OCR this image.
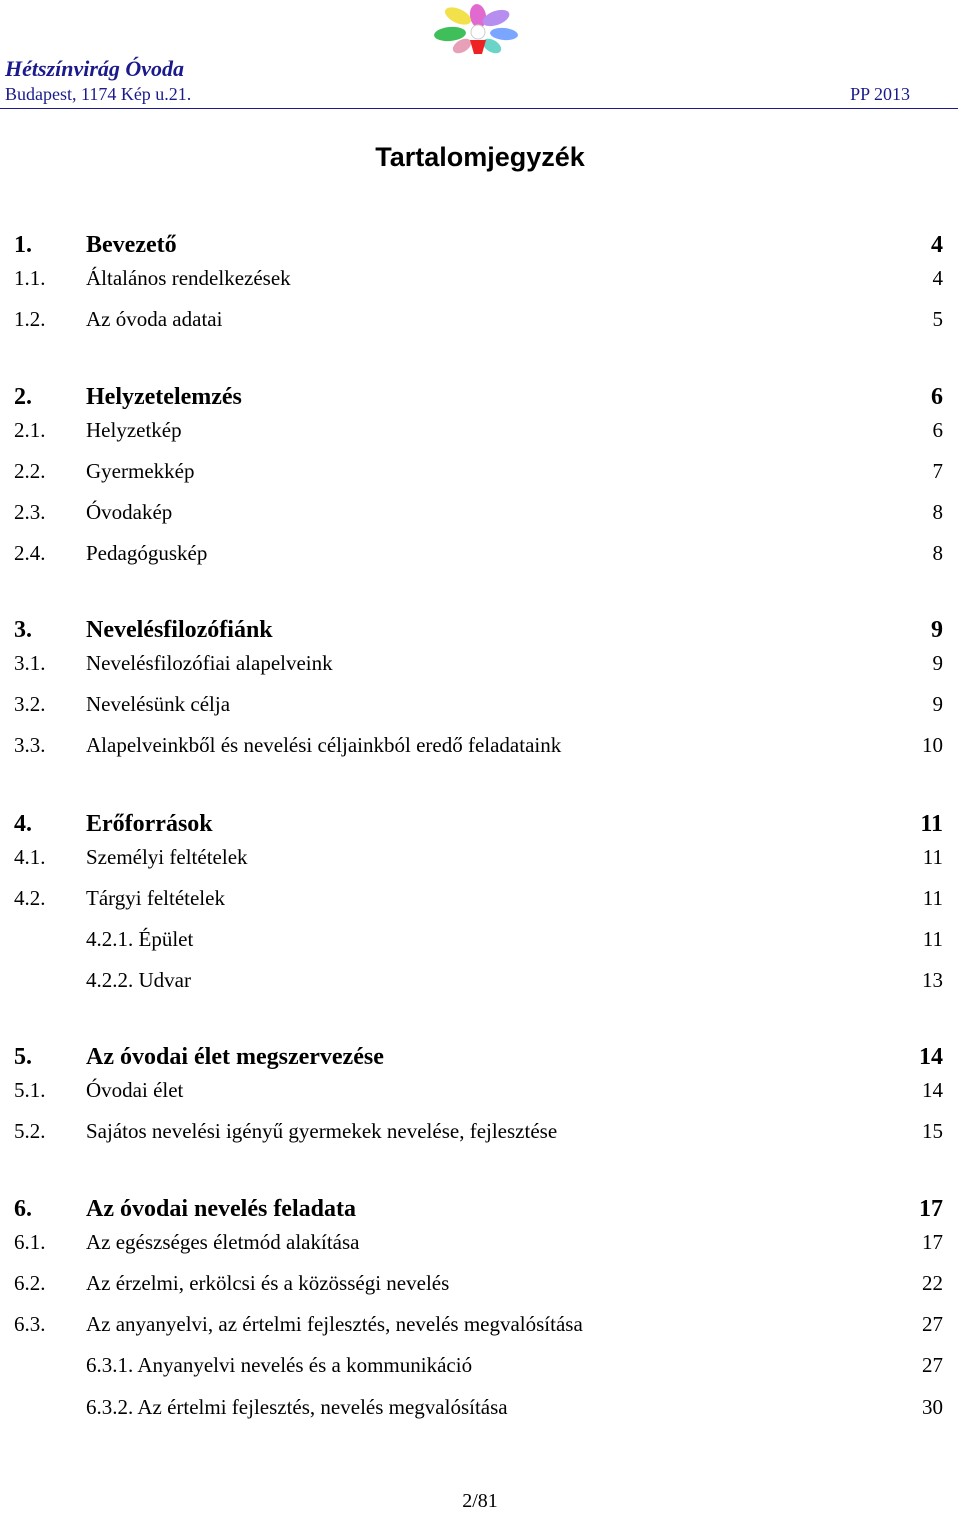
Hétszínvirág Óvoda
Budapest, 1174 Kép u.21.	PP 2013
Tartalomjegyzék
1. Bevezető	4
1.1. Általános rendelkezések	4
1.2. Az óvoda adatai	5
2. Helyzetelemzés	6
2.1. Helyzetkép	6
2.2. Gyermekkép	7
2.3. Óvodakép	8
2.4. Pedagóguskép	8
3. Nevelésfilozófiánk	9
3.1. Nevelésfilozófiai alapelveink	9
3.2. Nevelésünk célja	9
3.3. Alapelveinkből és nevelési céljainkból eredő feladataink	10
4. Erőforrások	11
4.1. Személyi feltételek	11
4.2. Tárgyi feltételek	11
4.2.1. Épület	11
4.2.2. Udvar	13
5. Az óvodai élet megszervezése	14
5.1. Óvodai élet	14
5.2. Sajátos nevelési igényű gyermekek nevelése, fejlesztése	15
6. Az óvodai nevelés feladata	17
6.1. Az egészséges életmód alakítása	17
6.2. Az érzelmi, erkölcsi és a közösségi nevelés	22
6.3. Az anyanyelvi, az értelmi fejlesztés, nevelés megvalósítása	27
6.3.1. Anyanyelvi nevelés és a kommunikáció	27
6.3.2. Az értelmi fejlesztés, nevelés megvalósítása	30
2/81
